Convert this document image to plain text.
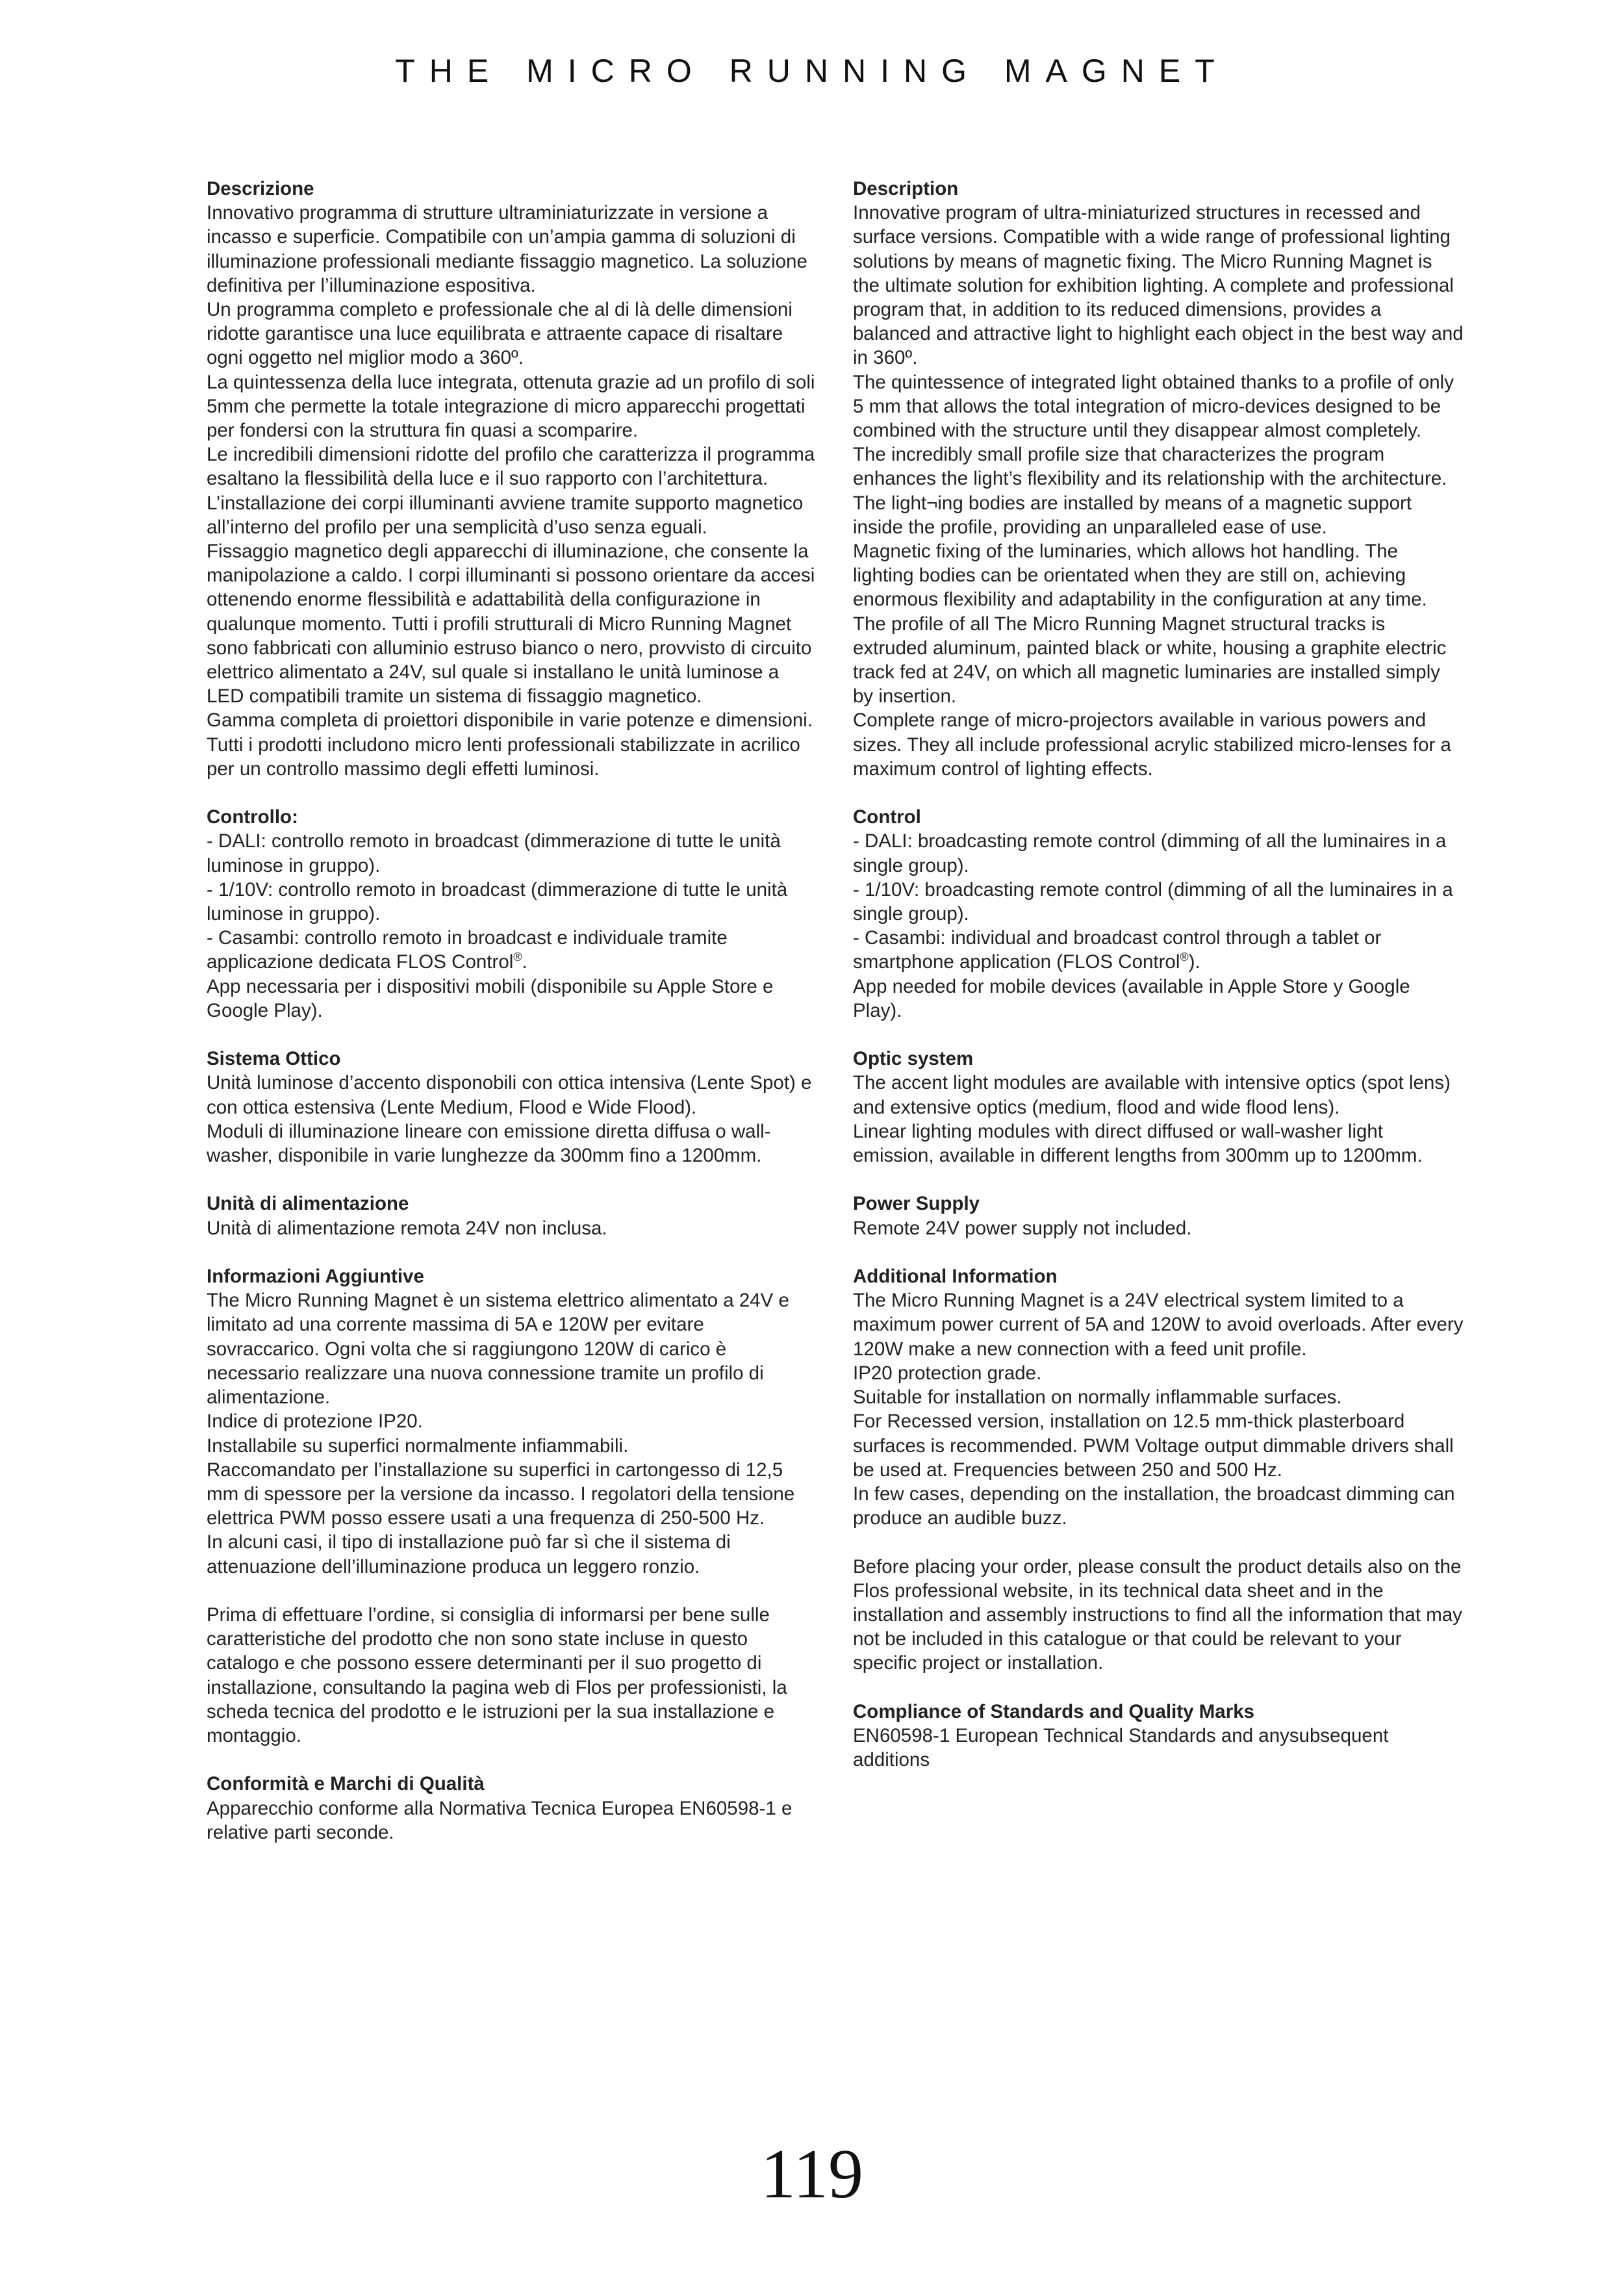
THE MICRO RUNNING MAGNET

Descrizione

Innovativo programma di strutture ultraminiaturizzate in versione a incasso e superficie. Compatibile con un’ampia gamma di soluzioni di illuminazione professionali mediante fissaggio magnetico. La soluzione definitiva per l’illuminazione espositiva.

Un programma completo e professionale che al di là delle dimensioni ridotte garantisce una luce equilibrata e attraente capace di risaltare ogni oggetto nel miglior modo a 360º.

La quintessenza della luce integrata, ottenuta grazie ad un profilo di soli 5mm che permette la totale integrazione di micro apparecchi progettati per fondersi con la struttura fin quasi a scomparire.

Le incredibili dimensioni ridotte del profilo che caratterizza il programma esaltano la flessibilità della luce e il suo rapporto con l’architettura. L’installazione dei corpi illuminanti avviene tramite supporto magnetico all’interno del profilo per una semplicità d’uso senza eguali.

Fissaggio magnetico degli apparecchi di illuminazione, che consente la manipolazione a caldo. I corpi illuminanti si possono orientare da accesi ottenendo enorme flessibilità e adattabilità della configurazione in qualunque momento. Tutti i profili strutturali di Micro Running Magnet sono fabbricati con alluminio estruso bianco o nero, provvisto di circuito elettrico alimentato a 24V, sul quale si installano le unità luminose a LED compatibili tramite un sistema di fissaggio magnetico.

Gamma completa di proiettori disponibile in varie potenze e dimensioni. Tutti i prodotti includono micro lenti professionali stabilizzate in acrilico per un controllo massimo degli effetti luminosi.

Controllo:

- DALI: controllo remoto in broadcast (dimmerazione di tutte le unità luminose in gruppo).

- 1/10V: controllo remoto in broadcast (dimmerazione di tutte le unità luminose in gruppo).

- Casambi: controllo remoto in broadcast e individuale tramite applicazione dedicata FLOS Control®.

App necessaria per i dispositivi mobili (disponibile su Apple Store e Google Play).

Sistema Ottico

Unità luminose d’accento disponobili con ottica intensiva (Lente Spot) e con ottica estensiva (Lente Medium, Flood e Wide Flood).

Moduli di illuminazione lineare con emissione diretta diffusa o wall-washer, disponibile in varie lunghezze da 300mm fino a 1200mm.

Unità di alimentazione

Unità di alimentazione remota 24V non inclusa.

Informazioni Aggiuntive

The Micro Running Magnet è un sistema elettrico alimentato a 24V e limitato ad una corrente massima di 5A e 120W per evitare sovraccarico. Ogni volta che si raggiungono 120W di carico è necessario realizzare una nuova connessione tramite un profilo di alimentazione.

Indice di protezione IP20.

Installabile su superfici normalmente infiammabili.

Raccomandato per l’installazione su superfici in cartongesso di 12,5 mm di spessore per la versione da incasso. I regolatori della tensione elettrica PWM posso essere usati a una frequenza di 250-500 Hz.

In alcuni casi, il tipo di installazione può far sì che il sistema di attenuazione dell’illuminazione produca un leggero ronzio.

Prima di effettuare l’ordine, si consiglia di informarsi per bene sulle caratteristiche del prodotto che non sono state incluse in questo catalogo e che possono essere determinanti per il suo progetto di installazione, consultando la pagina web di Flos per professionisti, la scheda tecnica del prodotto e le istruzioni per la sua installazione e montaggio.

Conformità e Marchi di Qualità

Apparecchio conforme alla Normativa Tecnica Europea EN60598-1 e relative parti seconde.

Description

Innovative program of ultra-miniaturized structures in recessed and surface versions. Compatible with a wide range of professional lighting solutions by means of magnetic fixing. The Micro Running Magnet is the ultimate solution for exhibition lighting. A complete and professional program that, in addition to its reduced dimensions, provides a balanced and attractive light to highlight each object in the best way and in 360º.

The quintessence of integrated light obtained thanks to a profile of only 5 mm that allows the total integration of micro-devices designed to be combined with the structure until they disappear almost completely.

The incredibly small profile size that characterizes the program enhances the light’s flexibility and its relationship with the architecture. The light¬ing bodies are installed by means of a magnetic support inside the profile, providing an unparalleled ease of use.

Magnetic fixing of the luminaries, which allows hot handling. The lighting bodies can be orientated when they are still on, achieving enormous flexibility and adaptability in the configuration at any time. The profile of all The Micro Running Magnet structural tracks is extruded aluminum, painted black or white, housing a graphite electric track fed at 24V, on which all magnetic luminaries are installed simply by insertion.

Complete range of micro-projectors available in various powers and sizes. They all include professional acrylic stabilized micro-lenses for a maximum control of lighting effects.

Control

- DALI: broadcasting remote control (dimming of all the luminaires in a single group).

- 1/10V: broadcasting remote control (dimming of all the luminaires in a single group).

- Casambi: individual and broadcast control through a tablet or smartphone application (FLOS Control®).

App needed for mobile devices (available in Apple Store y Google Play).

Optic system

The accent light modules are available with intensive optics (spot lens) and extensive optics (medium, flood and wide flood lens).

Linear lighting modules with direct diffused or wall-washer light emission, available in different lengths from 300mm up to 1200mm.

Power Supply

Remote 24V power supply not included.

Additional Information

The Micro Running Magnet is a 24V electrical system limited to a maximum power current of 5A and 120W to avoid overloads. After every 120W make a new connection with a feed unit profile.

IP20 protection grade.

Suitable for installation on normally inflammable surfaces.

For Recessed version, installation on 12.5 mm-thick plasterboard surfaces is recommended. PWM Voltage output dimmable drivers shall be used at. Frequencies between 250 and 500 Hz.

In few cases, depending on the installation, the broadcast dimming can produce an audible buzz.

Before placing your order, please consult the product details also on the Flos professional website, in its technical data sheet and in the installation and assembly instructions to find all the information that may not be included in this catalogue or that could be relevant to your specific project or installation.

Compliance of Standards and Quality Marks

EN60598-1 European Technical Standards and anysubsequent additions

119
